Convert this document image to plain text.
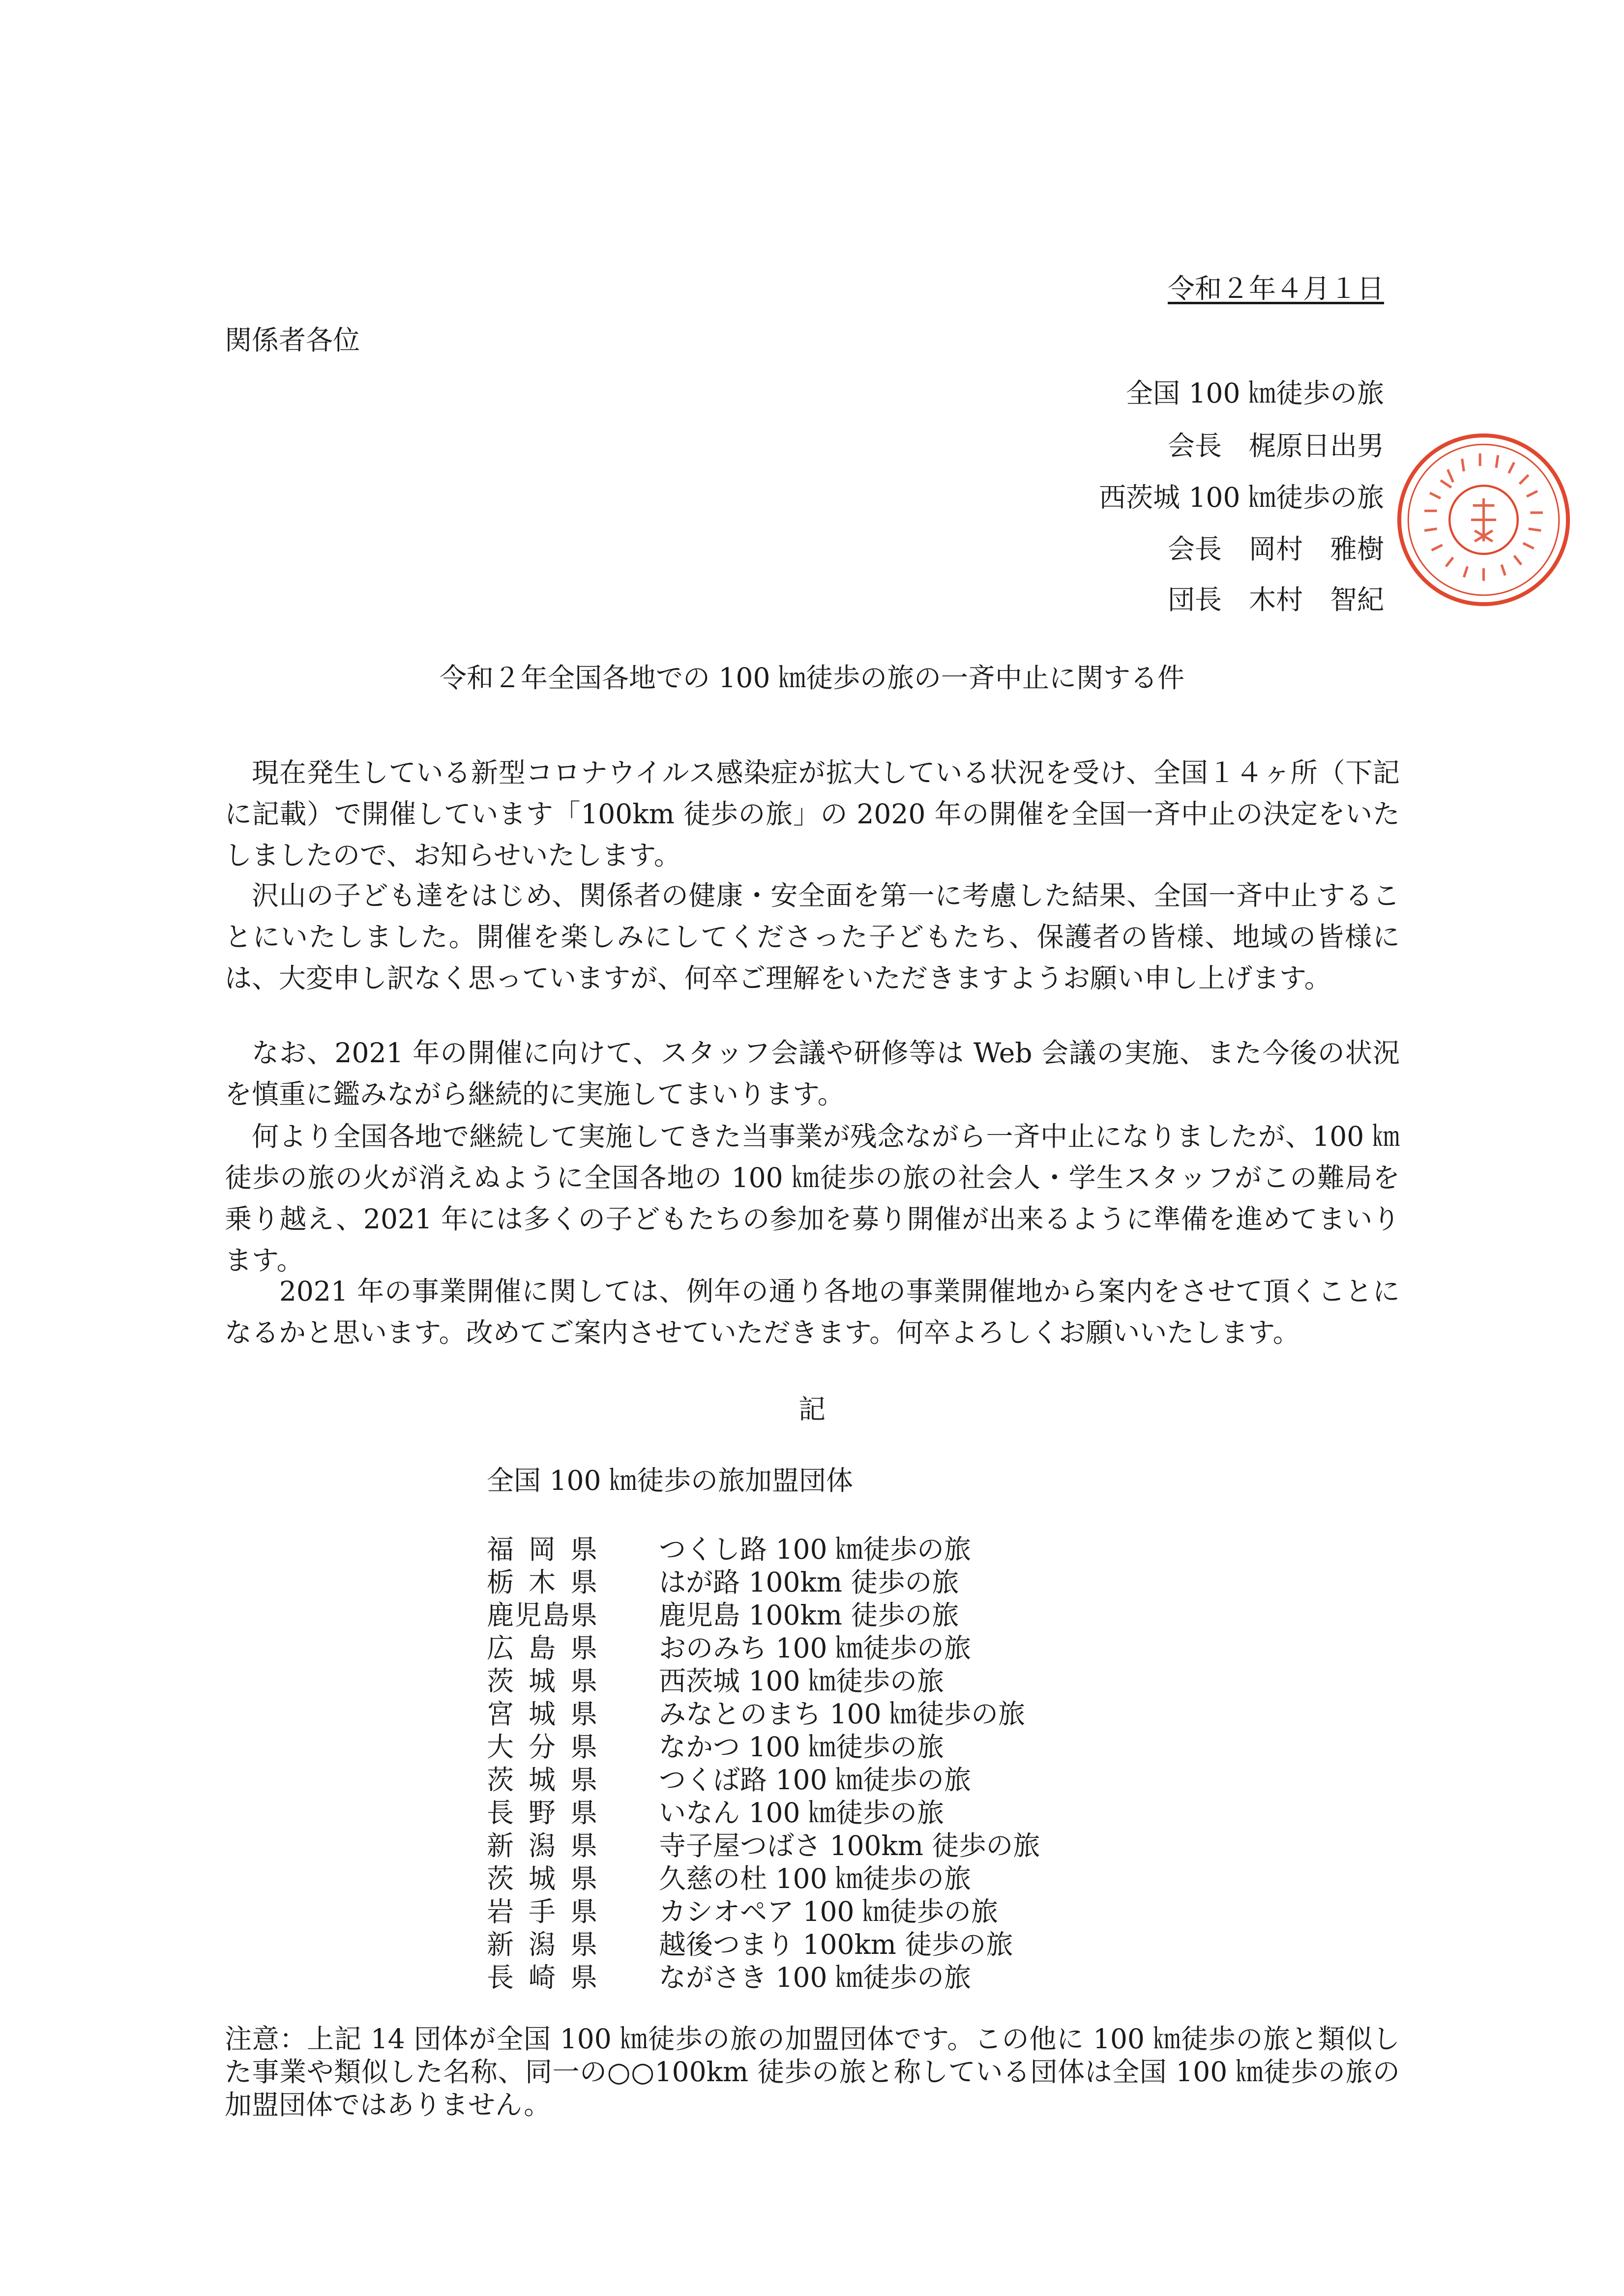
令和２年４月１日
関係者各位
全国 100 ㎞徒歩の旅
会長　梶原日出男
西茨城 100 ㎞徒歩の旅
会長　岡村　雅樹
団長　木村　智紀
令和２年全国各地での 100 ㎞徒歩の旅の一斉中止に関する件

現在発生している新型コロナウイルス感染症が拡大している状況を受け、全国１４ヶ所（下記に記載）で開催しています「100km 徒歩の旅」の 2020 年の開催を全国一斉中止の決定をいたしましたので、お知らせいたします。

沢山の子ども達をはじめ、関係者の健康・安全面を第一に考慮した結果、全国一斉中止することにいたしました。開催を楽しみにしてくださった子どもたち、保護者の皆様、地域の皆様には、大変申し訳なく思っていますが、何卒ご理解をいただきますようお願い申し上げます。

なお、2021 年の開催に向けて、スタッフ会議や研修等は Web 会議の実施、また今後の状況を慎重に鑑みながら継続的に実施してまいります。

何より全国各地で継続して実施してきた当事業が残念ながら一斉中止になりましたが、100 ㎞徒歩の旅の火が消えぬように全国各地の 100 ㎞徒歩の旅の社会人・学生スタッフがこの難局を乗り越え、2021 年には多くの子どもたちの参加を募り開催が出来るように準備を進めてまいります。

　2021 年の事業開催に関しては、例年の通り各地の事業開催地から案内をさせて頂くことになるかと思います。改めてご案内させていただきます。何卒よろしくお願いいたします。

記
全国 100 ㎞徒歩の旅加盟団体
福岡県 つくし路 100 ㎞徒歩の旅
栃木県 はが路 100km 徒歩の旅
鹿児島県 鹿児島 100km 徒歩の旅
広島県 おのみち 100 ㎞徒歩の旅
茨城県 西茨城 100 ㎞徒歩の旅
宮城県 みなとのまち 100 ㎞徒歩の旅
大分県 なかつ 100 ㎞徒歩の旅
茨城県 つくば路 100 ㎞徒歩の旅
長野県 いなん 100 ㎞徒歩の旅
新潟県 寺子屋つばさ 100km 徒歩の旅
茨城県 久慈の杜 100 ㎞徒歩の旅
岩手県 カシオペア 100 ㎞徒歩の旅
新潟県 越後つまり 100km 徒歩の旅
長崎県 ながさき 100 ㎞徒歩の旅

注意：上記 14 団体が全国 100 ㎞徒歩の旅の加盟団体です。この他に 100 ㎞徒歩の旅と類似した事業や類似した名称、同一の○○100km 徒歩の旅と称している団体は全国 100 ㎞徒歩の旅の加盟団体ではありません。
